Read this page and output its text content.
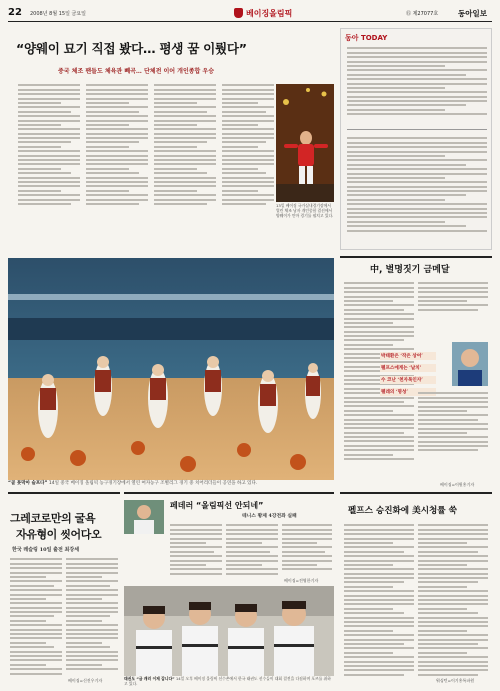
22 2008년 8월 15일 금요일	베이징올림픽	⑮ 제27077호	동아일보
“양웨이 묘기 직접 봤다… 평생 꿈 이뤘다”
중국 체조 팬들도 체육관 빼곡… 단체전 이어 개인종합 우승
13일 베이징 국가실내경기장에서 열린 체조 남자 개인종합 결선에서 양웨이가 안마 경기를 펼치고 있다.
동아 TODAY
“골 못막아 슬프다” 14일 중국 베이징 올림픽 농구경기장에서 열린 여자농구 조별리그 경기 중 치어리더들이 공연을 하고 있다.
中, 별명짓기 금메달
박태환은 ‘작은 상어’
펠프스에게는 ‘날치’
수 코난 ‘천자목인자’
펠레의 ‘명성’
베이징=이원홍기자
그레코로만의 굴욕
자유형이 씻어다오
한국 레슬링 10일 출전 최강세
베이징=신진우기자
페데러 “올림픽선 안되네”
테니스 황제 4강전좌 실패
베이징=전영한기자
태권도 “금 캐러 이제 갑니다” 14일 오후 베이징 올림픽 선수촌에서 한국 태권도 선수들이 대회 결전을 다짐하며 포즈를 취하고 있다.
펠프스 승진화에 美시청률 쑥
워싱턴=이기홍특파원
